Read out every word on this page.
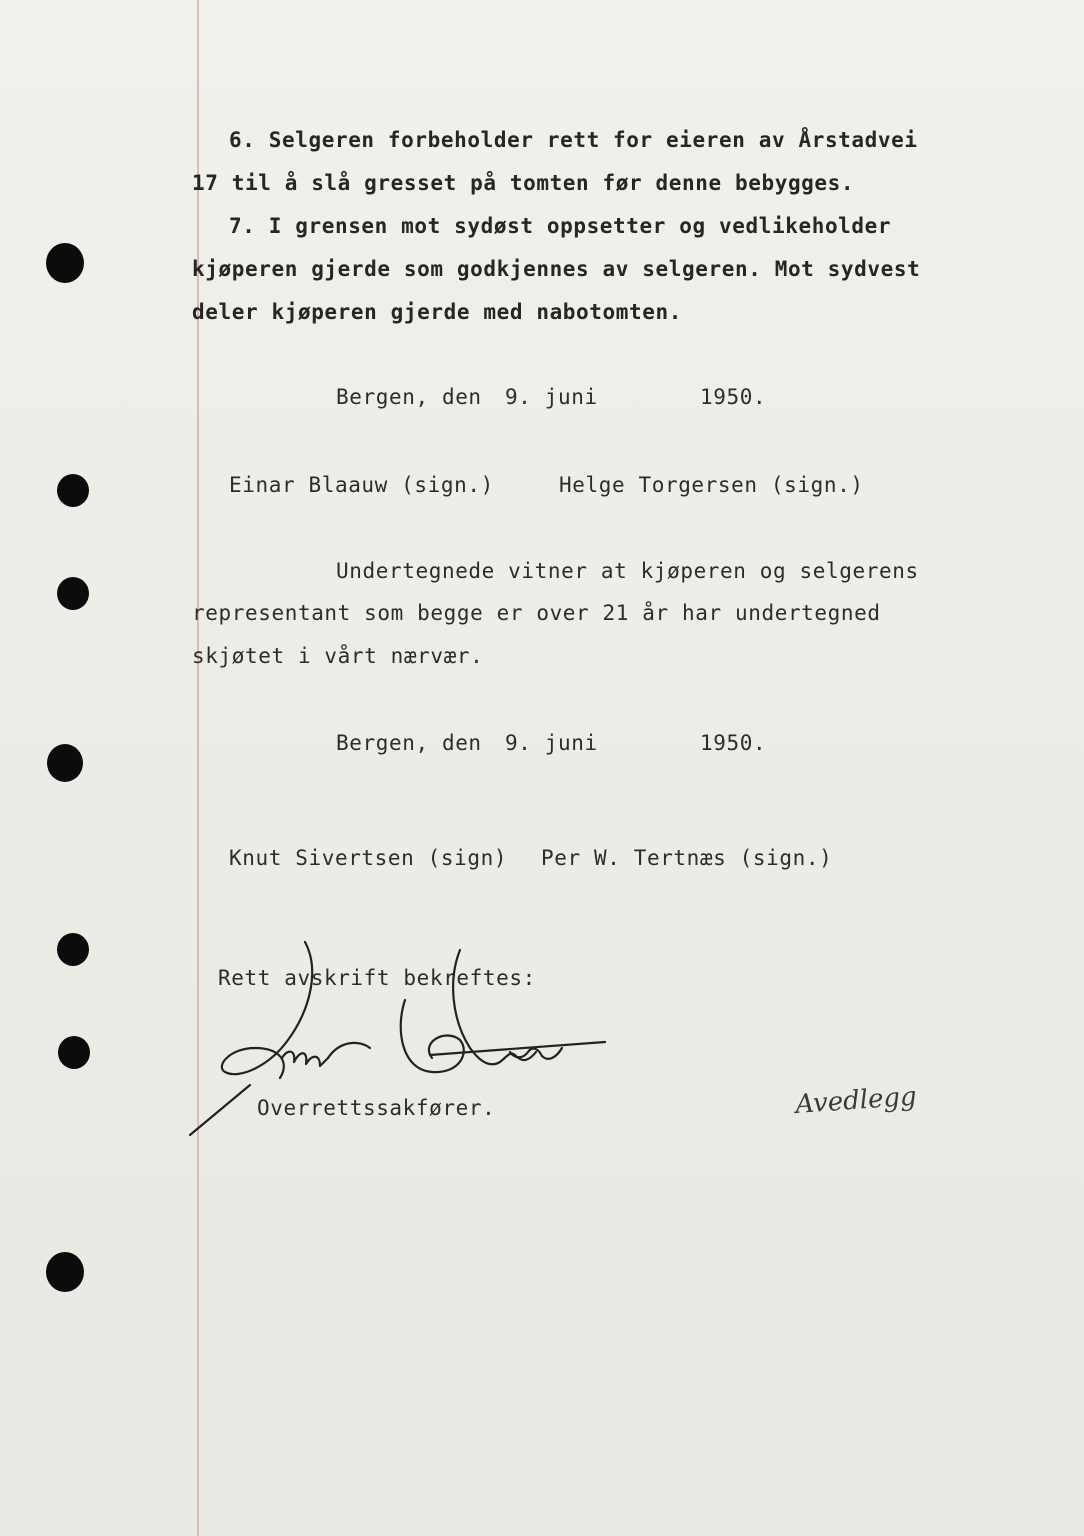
6. Selgeren forbeholder rett for eieren av Årstadvei
17 til å slå gresset på tomten før denne bebygges.
7. I grensen mot sydøst oppsetter og vedlikeholder
kjøperen gjerde som godkjennes av selgeren. Mot sydvest
deler kjøperen gjerde med nabotomten.
Bergen, den 9. juni	1950.
Einar Blaauw (sign.)	Helge Torgersen (sign.)
Undertegnede vitner at kjøperen og selgerens
representant som begge er over 21 år har undertegned
skjøtet i vårt nærvær.
Bergen, den 9. juni	1950.
Knut Sivertsen (sign) Per W. Tertnæs (sign.)
Rett avskrift bekreftes:
Overrettssakfører.	Avedlegg
